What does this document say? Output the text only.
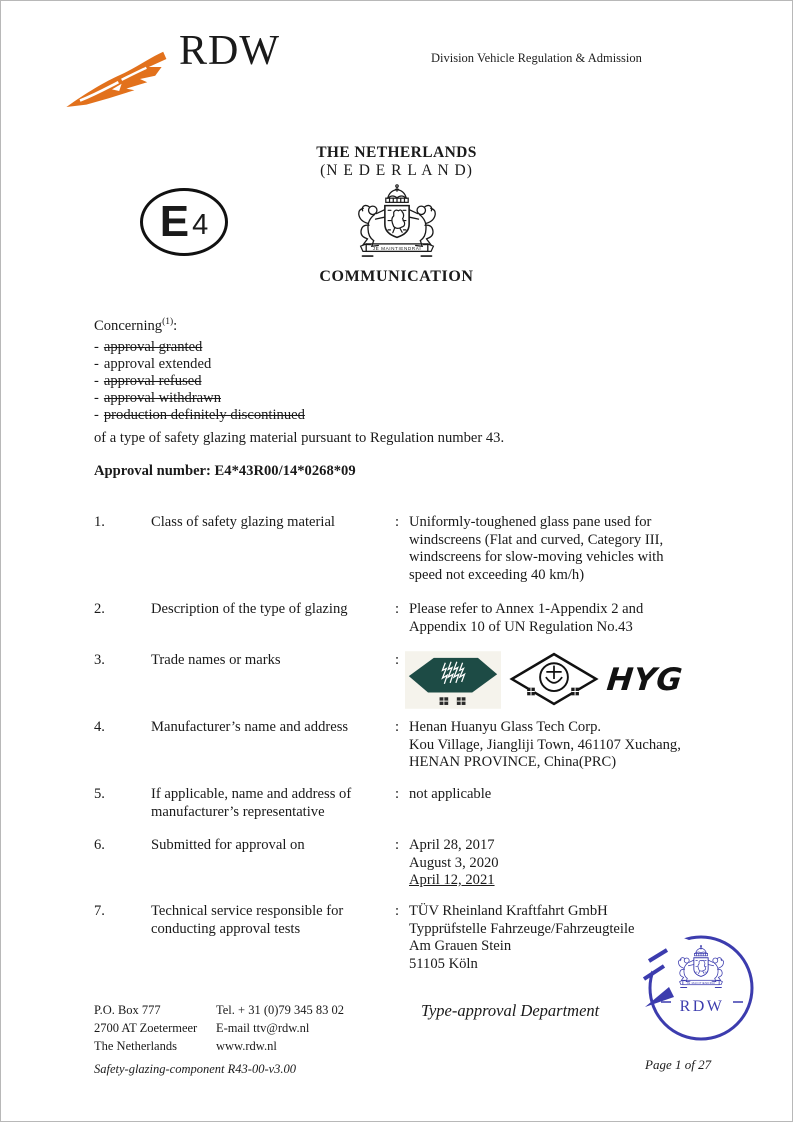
RDW	Division Vehicle Regulation & Admission
THE NETHERLANDS
(N E D E R L A N D)
COMMUNICATION
E 4
Concerning$^{(1)}$:
- approval granted
- approval extended
- approval refused
- approval withdrawn
- production definitely discontinued
of a type of safety glazing material pursuant to Regulation number 43.
Approval number: E4*43R00/14*0268*09
1.	Class of safety glazing material	: Uniformly-toughened glass pane used for
windscreens (Flat and curved, Category III,
windscreens for slow-moving vehicles with
speed not exceeding 40 km/h)
2.	Description of the type of glazing	: Please refer to Annex 1-Appendix 2 and
Appendix 10 of UN Regulation No.43
3.	Trade names or marks	:
HYG
4.	Manufacturer’s name and address	: Henan Huanyu Glass Tech Corp.
Kou Village, Jiangliji Town, 461107 Xuchang,
HENAN PROVINCE, China(PRC)
5.	If applicable, name and address of
manufacturer’s representative
: not applicable
6.	Submitted for approval on	: April 28, 2017
August 3, 2020
April 12, 2021
7.	Technical service responsible for
conducting approval tests
: TÜV Rheinland Kraftfahrt GmbH
Typprüfstelle Fahrzeuge/Fahrzeugteile
Am Grauen Stein
51105 Köln
RDW
P.O. Box 777
2700 AT Zoetermeer
The Netherlands
Tel. + 31 (0)79 345 83 02
E-mail ttv@rdw.nl
www.rdw.nl
Type-approval Department
Safety-glazing-component R43-00-v3.00	Page 1 of 27
